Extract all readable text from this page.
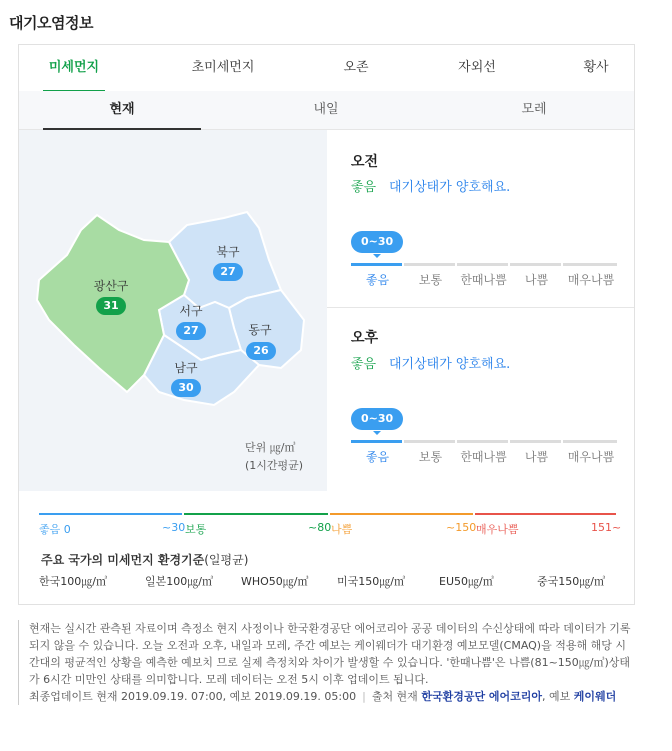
대기오염정보
미세먼지	초미세먼지	오존	자외선	황사
현재	내일	모레
광산구
31
북구
27
서구
27	동구
26
남구
30
단위 ㎍/㎥
(1시간평균)
오전
좋음 대기상태가 양호해요.
0~30
좋음	보통	한때나쁨	나쁨	매우나쁨
오후
좋음 대기상태가 양호해요.
0~30
좋음	보통	한때나쁨	나쁨	매우나쁨
좋음 0	~30 보통	~80 나쁨	~150 매우나쁨	151~
주요 국가의 미세먼지 환경기준(일평균)
한국100㎍/㎥	일본100㎍/㎥	WHO50㎍/㎥	미국150㎍/㎥	EU50㎍/㎥	중국150㎍/㎥

현재는 실시간 관측된 자료이며 측정소 현지 사정이나 한국환경공단 에어코리아 공공 데이터의 수신상태에 따라 데이터가 기록되지 않을 수 있습니다. 오늘 오전과 오후, 내일과 모레, 주간 예보는 케이웨더가 대기환경 예보모델(CMAQ)을 적용해 해당 시간대의 평균적인 상황을 예측한 예보치 므로 실제 측정치와 차이가 발생할 수 있습니다. '한때나쁨'은 나쁨(81~150㎍/㎥)상태가 6시간 미만인 상태를 의미합니다. 모레 데이터는 오전 5시 이후 업데이트 됩니다.

최종업데이트 현재 2019.09.19. 07:00, 예보 2019.09.19. 05:00 | 출처 현재 한국환경공단 에어코리아, 예보 케이웨더
